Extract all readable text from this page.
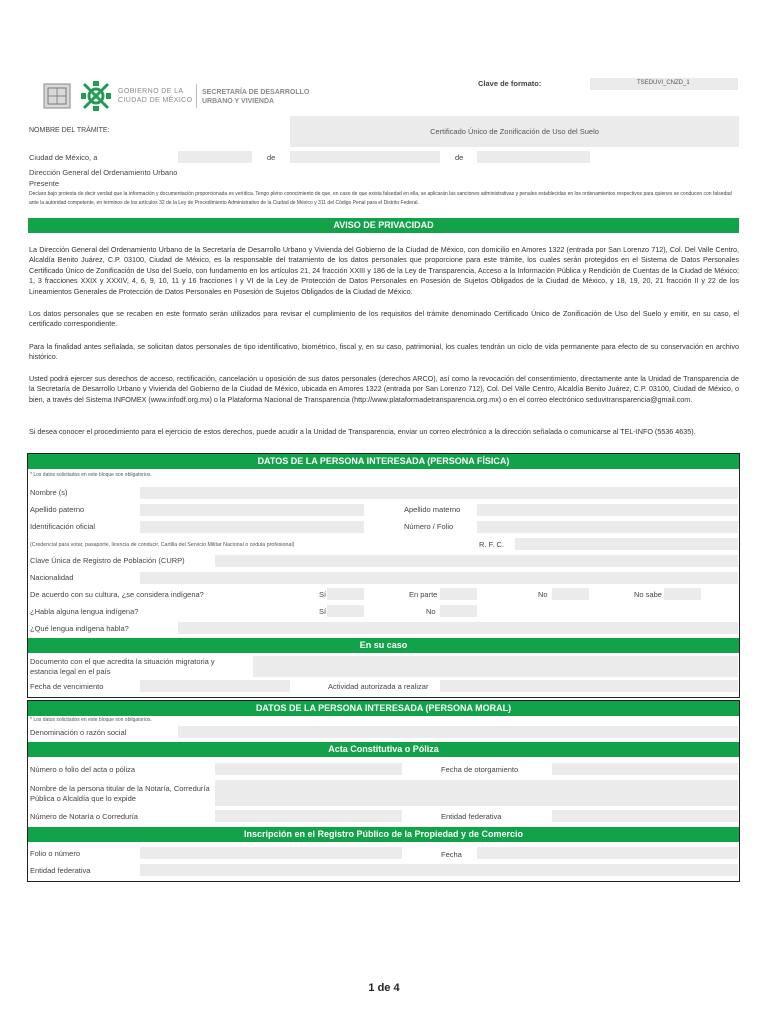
GOBIERNO DE LA
CIUDAD DE MÉXICO
SECRETARÍA DE DESARROLLO
URBANO Y VIVIENDA
Clave de formato:	TSEDUVI_CNZD_1
NOMBRE DEL TRÁMITE:	Certificado Único de Zonificación de Uso del Suelo
Ciudad de México, a	de	de
Dirección General del Ordenamiento Urbano
Presente

Declaro bajo protesta de decir verdad que la información y documentación proporcionada es verídica. Tengo pleno conocimiento de que, en caso de que exista falsedad en ella, se aplicarán las sanciones administrativas y penales establecidas en los ordenamientos respectivos para quienes se conducen con falsedad ante la autoridad competente, en terminos de los artículos 32 de la Ley de Procedimiento Administrativo de la Ciudad de México y 311 del Código Penal para el Distrito Federal.

AVISO DE PRIVACIDAD

La Dirección General del Ordenamiento Urbano de la Secretaría de Desarrollo Urbano y Vivienda del Gobierno de la Ciudad de México, con domicilio en Amores 1322 (entrada por San Lorenzo 712), Col. Del Valle Centro, Alcaldía Benito Juárez, C.P. 03100, Ciudad de México, es la responsable del tratamiento de los datos personales que proporcione para este trámite, los cuales serán protegidos en el Sistema de Datos Personales Certificado Único de Zonificación de Uso del Suelo, con fundamento en los artículos 21, 24 fracción XXIII y 186 de la Ley de Transparencia, Acceso a la Información Pública y Rendición de Cuentas de la Ciudad de México; 1, 3 fracciones XXIX y XXXIV, 4, 6, 9, 10, 11 y 16 fracciones I y VI de la Ley de Protección de Datos Personales en Posesión de Sujetos Obligados de la Ciudad de México, y 18, 19, 20, 21 fracción II y 22 de los Lineamientos Generales de Protección de Datos Personales en Posesión de Sujetos Obligados de la Ciudad de México.

Los datos personales que se recaben en este formato serán utilizados para revisar el cumplimiento de los requisitos del trámite denominado Certificado Único de Zonificación de Uso del Suelo y emitir, en su caso, el certificado correspondiente.

Para la finalidad antes señalada, se solicitan datos personales de tipo identificativo, biométrico, fiscal y, en su caso, patrimonial, los cuales tendrán un ciclo de vida permanente para efecto de su conservación en archivo histórico.

Usted podrá ejercer sus derechos de acceso, rectificación, cancelación u oposición de sus datos personales (derechos ARCO), así como la revocación del consentimiento, directamente ante la Unidad de Transparencia de la Secretaría de Desarrollo Urbano y Vivienda del Gobierno de la Ciudad de México, ubicada en Amores 1322 (entrada por San Lorenzo 712), Col. Del Valle Centro, Alcaldía Benito Juárez, C.P. 03100, Ciudad de México, o bien, a través del Sistema INFOMEX (www.infodf.org.mx) o la Plataforma Nacional de Transparencia (http://www.plataformadetransparencia.org.mx) o en el correo electrónico seduvitransparencia@gmail.com.

Si desea conocer el procedimiento para el ejercicio de estos derechos, puede acudir a la Unidad de Transparencia, enviar un correo electrónico a la dirección señalada o comunicarse al TEL-INFO (5536 4635).

DATOS DE LA PERSONA INTERESADA (PERSONA FÍSICA)
* Los datos solicitados en este bloque son obligatorios.
Nombre (s)
Apellido paterno	Apellido materno
Identificación oficial	Número / Folio
(Credencial para votar, pasaporte, licencia de conducir, Cartilla del Servicio Militar Nacional o cedula profesional)	R. F. C.
Clave Única de Registro de Población (CURP)
Nacionalidad
De acuerdo con su cultura, ¿se considera indígena?	Sí	En parte	No	No sabe
¿Habla alguna lengua indígena?	Sí	No
¿Qué lengua indígena habla?
En su caso
Documento con el que acredita la situación migratoria y estancia legal en el país
Fecha de vencimiento	Actividad autorizada a realizar
DATOS DE LA PERSONA INTERESADA (PERSONA MORAL)
* Los datos solicitados en este bloque son obligatorios.
Denominación o razón social
Acta Constitutiva o Póliza
Número o folio del acta o póliza	Fecha de otorgamiento
Nombre de la persona titular de la Notaría, Correduría Pública o Alcaldía que lo expide
Número de Notaría o Correduría	Entidad federativa
Inscripción en el Registro Público de la Propiedad y de Comercio
Folio o número	Fecha
Entidad federativa
1 de 4
